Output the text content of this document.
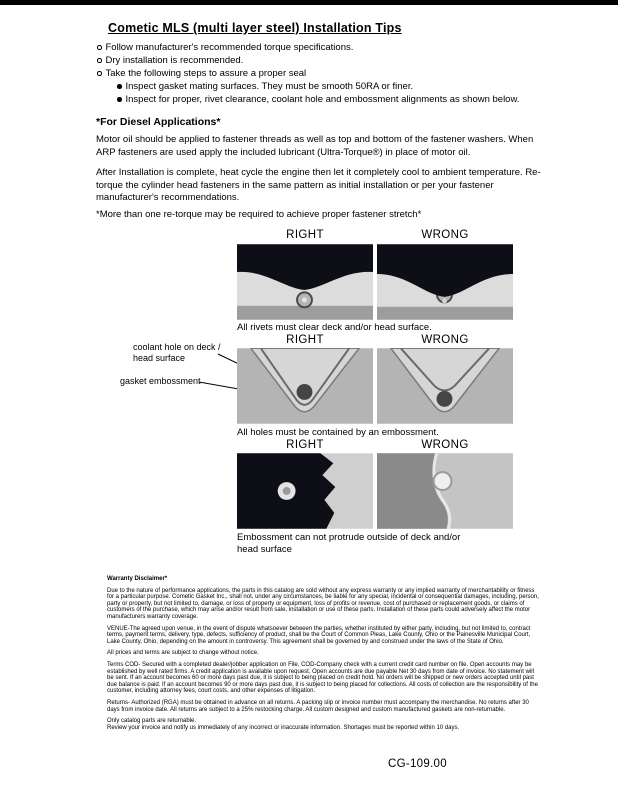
Cometic MLS (multi layer steel) Installation Tips
Follow manufacturer's recommended torque specifications.
Dry installation is recommended.
Take the following steps to assure a proper seal
Inspect gasket mating surfaces. They must be smooth 50RA or finer.
Inspect for proper, rivet clearance, coolant hole and embossment alignments as shown below.
*For Diesel Applications*
Motor oil should be applied to fastener threads as well as top and bottom of the fastener washers. When ARP fasteners are used apply the included lubricant (Ultra-Torque®) in place of motor oil.
After Installation is complete, heat cycle the engine then let it completely cool to ambient temperature. Re-torque the cylinder head fasteners in the same pattern as initial installation or per your fastener manufacturer's recommendations.
*More than one re-torque may be required to achieve proper fastener stretch*
RIGHT	WRONG
All rivets must clear deck and/or head surface.
RIGHT	WRONG
coolant hole on deck / head surface
gasket embossment
All holes must be contained by an embossment.
RIGHT	WRONG
Embossment can not protrude outside of deck and/or head surface
Warranty Disclaimer*

Due to the nature of performance applications, the parts in this catalog are sold without any express warranty or any implied warranty of merchantability or fitness for a particular purpose. Cometic Gasket Inc., shall not, under any circumstances, be liable for any special, incidental or consequential damages, including, person, party or property, but not limited to, damage, or loss of property or equipment, loss of profits or revenue, cost of purchased or replacement goods, or claims of customers of the purchase, which may arise and/or result from sale, installation or use of these parts. Installation of these parts could adversely affect the motor manufacturers warranty coverage.

VENUE-The agreed upon venue, in the event of dispute whatsoever between the parties, whether instituted by either party, including, but not limited to, contract terms, payment terms, delivery, type, defects, sufficiency of product, shall be the Court of Common Pleas, Lake County, Ohio or the Painesville Municipal Court, Lake County, Ohio, depending on the amount in controversy. This agreement shall be governed by and construed under the laws of the State of Ohio.

All prices and terms are subject to change without notice.

Terms COD- Secured with a completed dealer/jobber application on File, COD-Company check with a current credit card number on file. Open accounts may be established by well rated firms. A credit application is available upon request. Open accounts are due payable Net 30 days from date of invoice. No statement will be sent. If an account becomes 60 or more days past due, it is subject to being placed on credit hold. No orders will be shipped or new orders accepted until past due balance is paid. If an account becomes 90 or more days past due, it is subject to being placed for collections. All costs of collection are the responsibility of the customer, including attorney fees, court costs, and other expenses of litigation.

Returns- Authorized (RGA) must be obtained in advance on all returns. A packing slip or invoice number must accompany the merchandise. No returns after 30 days from invoice date. All returns are subject to a 25% restocking charge. All custom designed and custom manufactured gaskets are non-returnable.

Only catalog parts are returnable.

Review your invoice and notify us immediately of any incorrect or inaccurate information. Shortages must be reported within 10 days.

CG-109.00
